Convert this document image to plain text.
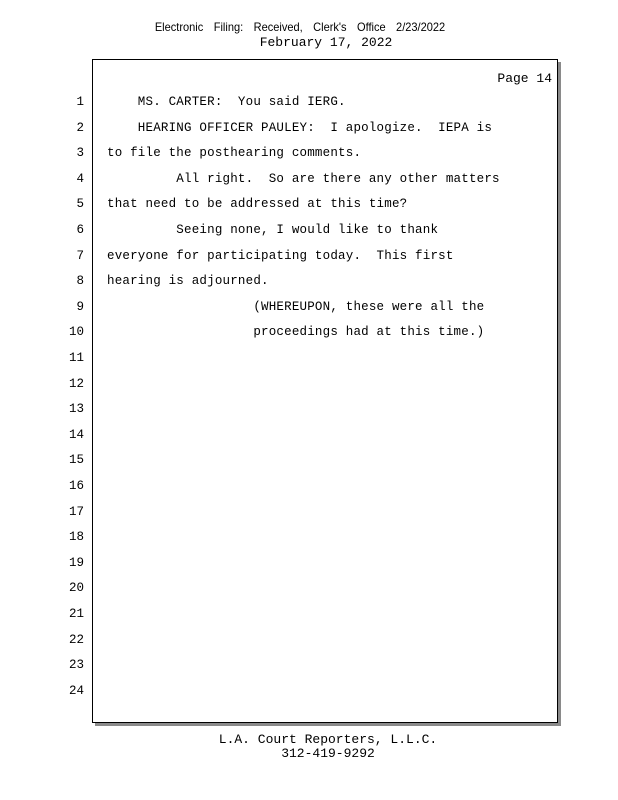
Electronic Filing: Received, Clerk's Office 2/23/2022
February 17, 2022
Page 14
1 MS. CARTER:  You said IERG.
2 HEARING OFFICER PAULEY:  I apologize.  IEPA is
3 to file the posthearing comments.
4 All right.  So are there any other matters
5 that need to be addressed at this time?
6 Seeing none, I would like to thank
7 everyone for participating today.  This first
8 hearing is adjourned.
9 (WHEREUPON, these were all the
10 proceedings had at this time.)
11
12
13
14
15
16
17
18
19
20
21
22
23
24
L.A. Court Reporters, L.L.C.
312-419-9292
